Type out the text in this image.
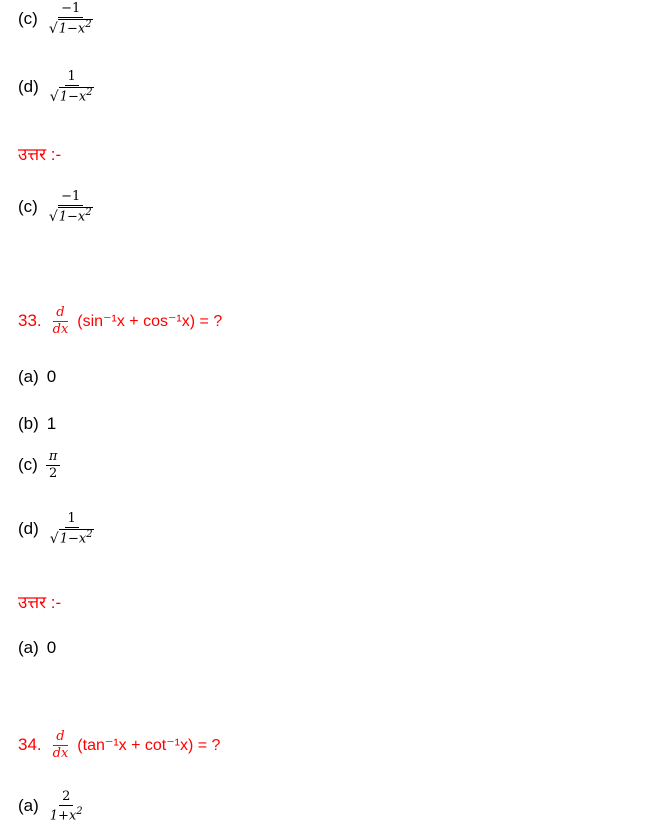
$(c) \frac{-1}{√ 1-x^2}$
$(d) \frac{1}{√ 1-x^2}$
उत्तर :-
$(c) \frac{-1}{√ 1-x^2}$
33. $\frac{d}{dx} (\sin^{-1}x + \cos^{-1}x)$ = ?
(a) 0
(b) 1
$(c) \frac{\pi}{2}$
$(d) \frac{1}{√ 1-x^2}$
उत्तर :-
(a) 0
34. $\frac{d}{dx} (\tan^{-1}x + \cot^{-1}x)$ = ?
$(a) \frac{2}{1+x^2}$
